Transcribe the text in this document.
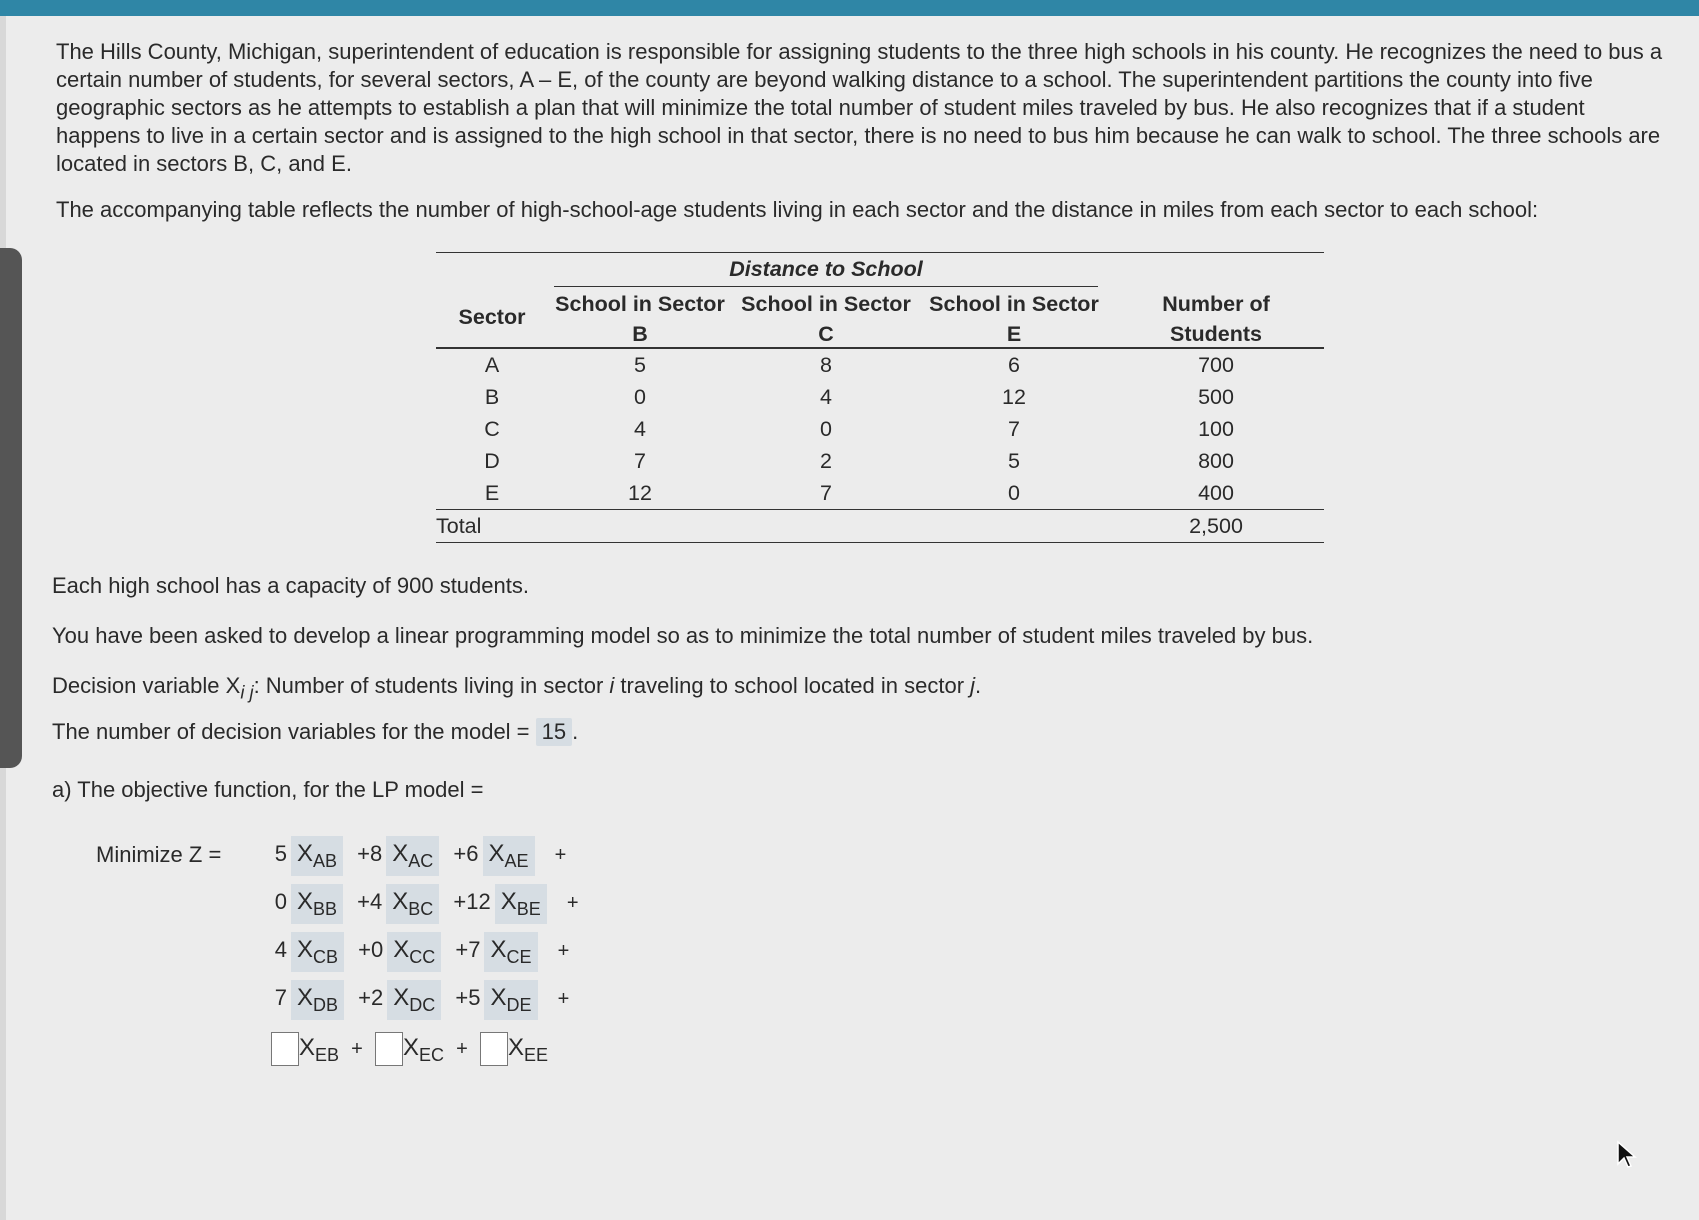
The Hills County, Michigan, superintendent of education is responsible for assigning students to the three high schools in his county. He recognizes the need to bus a certain number of students, for several sectors, A – E, of the county are beyond walking distance to a school. The superintendent partitions the county into five geographic sectors as he attempts to establish a plan that will minimize the total number of student miles traveled by bus. He also recognizes that if a student happens to live in a certain sector and is assigned to the high school in that sector, there is no need to bus him because he can walk to school. The three schools are located in sectors B, C, and E.

The accompanying table reflects the number of high-school-age students living in each sector and the distance in miles from each sector to each school:

	Distance to School			

Sector	School in Sector	School in Sector	School in Sector	Number of
	B	C	E	Students
A	5	8	6	700
B	0	4	12	500
C	4	0	7	100
D	7	2	5	800
E	12	7	0	400
Total				2,500

Each high school has a capacity of 900 students.

You have been asked to develop a linear programming model so as to minimize the total number of student miles traveled by bus.

Decision variable $X_{i j}$: Number of students living in sector i traveling to school located in sector j.

The number of decision variables for the model = 15 .

a) The objective function, for the LP model =

Minimize Z = 5 $X_{AB} +8$ $X_{AC} +6$ $X_{AE}$ +
0 $X_{BB} +4$ $X_{BC} +12$ $X_{BE}$ +
4 $X_{CB} +0$ $X_{CC} +7$ $X_{CE}$ +
7 $X_{DB} +2$ $X_{DC} +5$ $X_{DE}$ +
$X_{EB} + X_{EC} + X_{EE}$
